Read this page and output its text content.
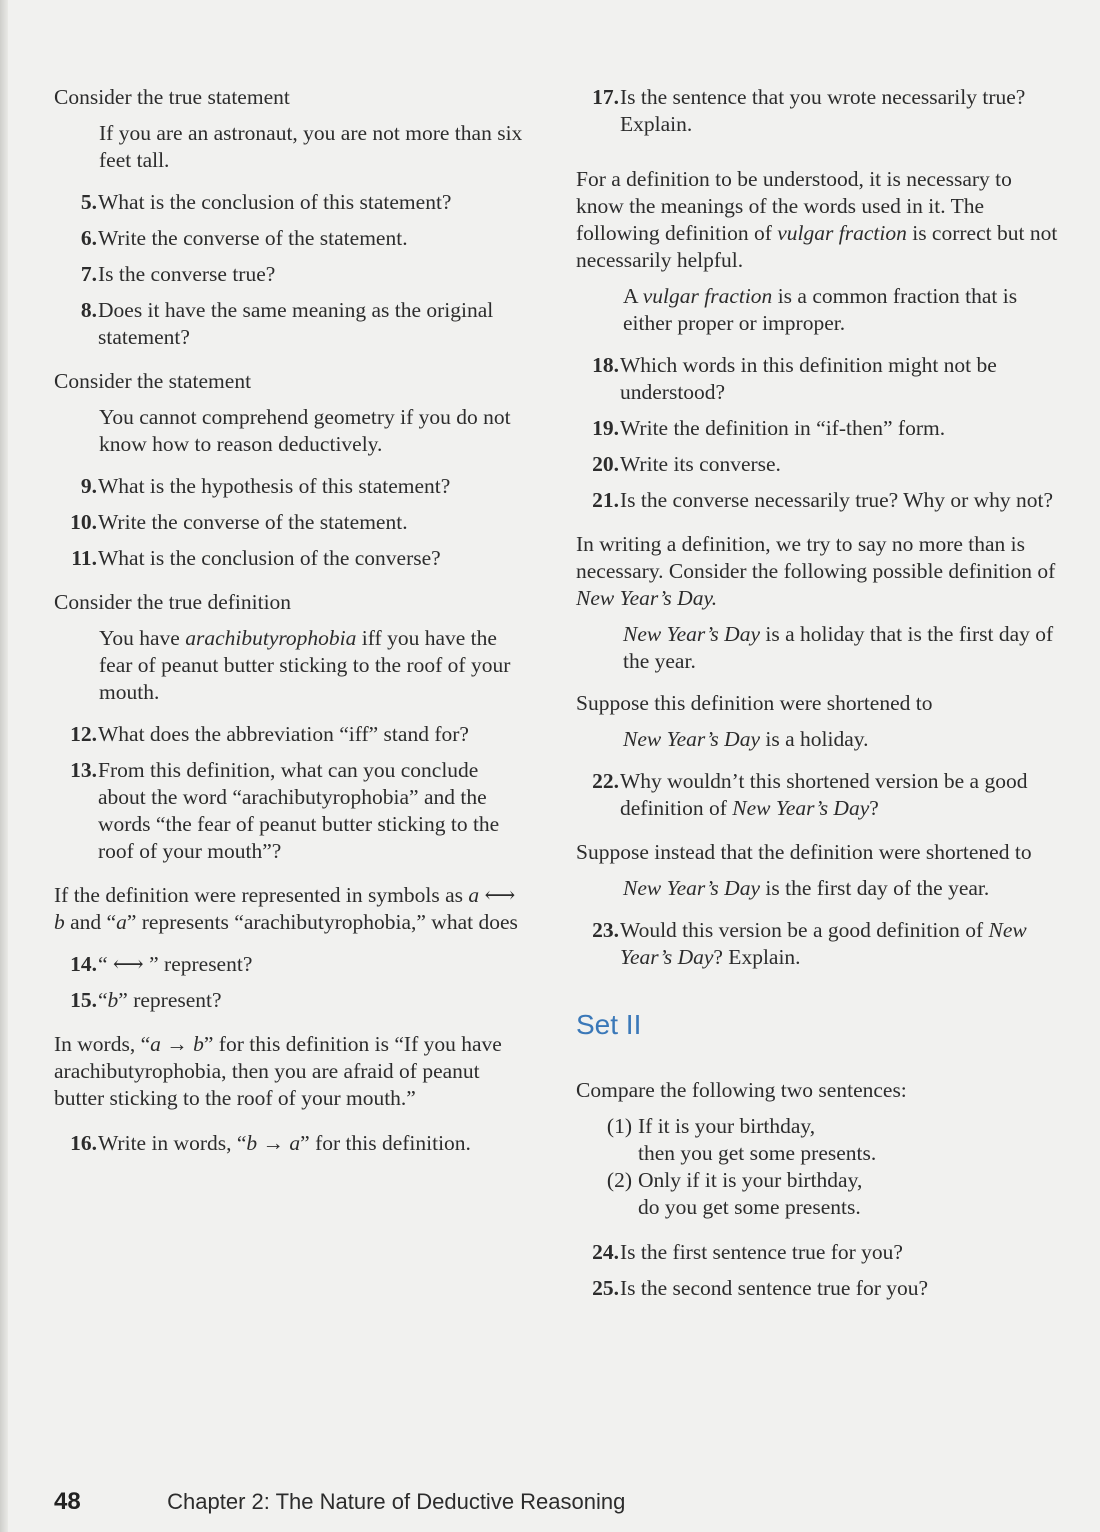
Consider the true statement

If you are an astronaut, you are not more than six feet tall.

5. What is the conclusion of this statement?
6. Write the converse of the statement.
7. Is the converse true?
8. Does it have the same meaning as the original statement?

Consider the statement

You cannot comprehend geometry if you do not know how to reason deductively.

9. What is the hypothesis of this statement?
10. Write the converse of the statement.
11. What is the conclusion of the converse?

Consider the true definition

You have arachibutyrophobia iff you have the fear of peanut butter sticking to the roof of your mouth.

12. What does the abbreviation “iff” stand for?
13. From this definition, what can you conclude about the word “arachibutyrophobia” and the words “the fear of peanut butter sticking to the roof of your mouth”?

If the definition were represented in symbols as a ⟷ b and “a” represents “arachibutyrophobia,” what does

14. “ ⟷ ” represent?
15. “b” represent?

In words, “a → b” for this definition is “If you have arachibutyrophobia, then you are afraid of peanut butter sticking to the roof of your mouth.”

16. Write in words, “b → a” for this definition.
17. Is the sentence that you wrote necessarily true? Explain.

For a definition to be understood, it is necessary to know the meanings of the words used in it. The following definition of vulgar fraction is correct but not necessarily helpful.

A vulgar fraction is a common fraction that is either proper or improper.

18. Which words in this definition might not be understood?
19. Write the definition in “if-then” form.
20. Write its converse.
21. Is the converse necessarily true? Why or why not?

In writing a definition, we try to say no more than is necessary. Consider the following possible definition of New Year’s Day.

New Year’s Day is a holiday that is the first day of the year.

Suppose this definition were shortened to

New Year’s Day is a holiday.

22. Why wouldn’t this shortened version be a good definition of New Year’s Day?

Suppose instead that the definition were shortened to

New Year’s Day is the first day of the year.

23. Would this version be a good definition of New Year’s Day? Explain.
Set II

Compare the following two sentences:

(1) If it is your birthday,
then you get some presents.
(2) Only if it is your birthday,
do you get some presents.
24. Is the first sentence true for you?
25. Is the second sentence true for you?
48	Chapter 2: The Nature of Deductive Reasoning
